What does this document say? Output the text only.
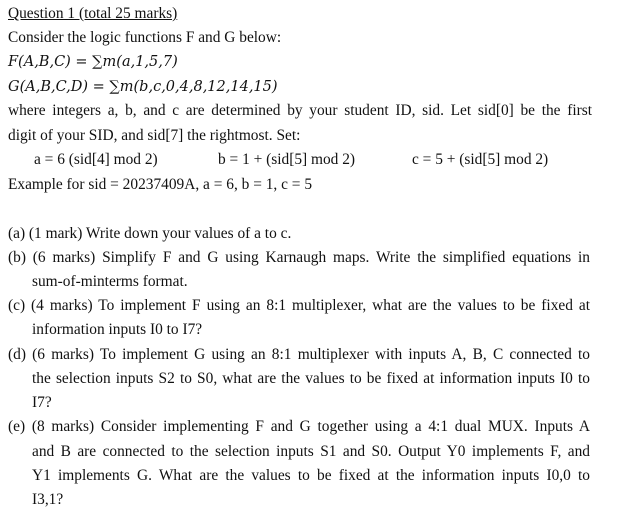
Question 1 (total 25 marks)
Consider the logic functions F and G below:
F(A,B,C) = ∑m(a,1,5,7)
G(A,B,C,D) = ∑m(b,c,0,4,8,12,14,15)
where integers a, b, and c are determined by your student ID, sid. Let sid[0] be the first
digit of your SID, and sid[7] the rightmost. Set:
a = 6 (sid[4] mod 2)	b = 1 + (sid[5] mod 2)	c = 5 + (sid[5] mod 2)
Example for sid = 20237409A, a = 6, b = 1, c = 5
(a) (1 mark) Write down your values of a to c.
(b) (6 marks) Simplify F and G using Karnaugh maps. Write the simplified equations in
sum-of-minterms format.
(c) (4 marks) To implement F using an 8:1 multiplexer, what are the values to be fixed at
information inputs I0 to I7?
(d) (6 marks) To implement G using an 8:1 multiplexer with inputs A, B, C connected to
the selection inputs S2 to S0, what are the values to be fixed at information inputs I0 to
I7?
(e) (8 marks) Consider implementing F and G together using a 4:1 dual MUX. Inputs A
and B are connected to the selection inputs S1 and S0. Output Y0 implements F, and
Y1 implements G. What are the values to be fixed at the information inputs I0,0 to
I3,1?
